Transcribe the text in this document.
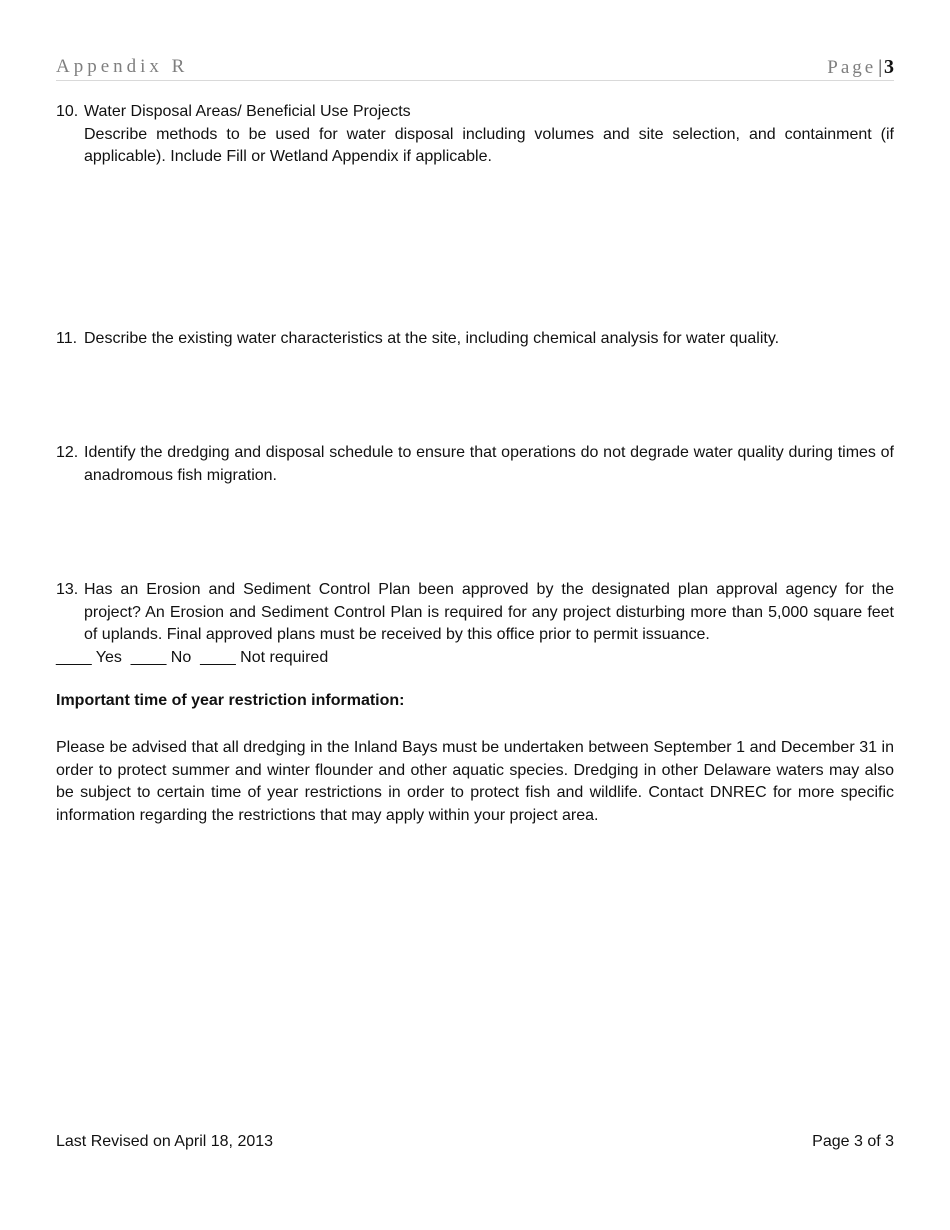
Appendix R	Page | 3
10. Water Disposal Areas/ Beneficial Use Projects
Describe methods to be used for water disposal including volumes and site selection, and containment (if applicable). Include Fill or Wetland Appendix if applicable.
11. Describe the existing water characteristics at the site, including chemical analysis for water quality.
12. Identify the dredging and disposal schedule to ensure that operations do not degrade water quality during times of anadromous fish migration.
13. Has an Erosion and Sediment Control Plan been approved by the designated plan approval agency for the project? An Erosion and Sediment Control Plan is required for any project disturbing more than 5,000 square feet of uplands. Final approved plans must be received by this office prior to permit issuance.
____ Yes  ____ No  ____ Not required
Important time of year restriction information:
Please be advised that all dredging in the Inland Bays must be undertaken between September 1 and December 31 in order to protect summer and winter flounder and other aquatic species. Dredging in other Delaware waters may also be subject to certain time of year restrictions in order to protect fish and wildlife. Contact DNREC for more specific information regarding the restrictions that may apply within your project area.
Last Revised on April 18, 2013	Page 3 of 3
